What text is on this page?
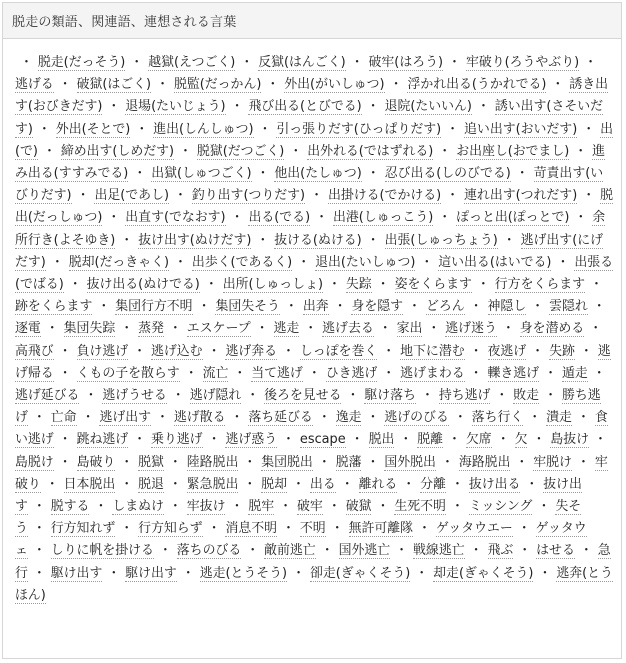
脱走の類語、関連語、連想される言葉
・ 脱走(だっそう) ・ 越獄(えつごく) ・ 反獄(はんごく) ・ 破牢(はろう) ・ 牢破り(ろうやぶり) ・逃げる ・ 破獄(はごく) ・ 脱監(だっかん) ・ 外出(がいしゅつ) ・ 浮かれ出る(うかれでる) ・ 誘き出す(おびきだす) ・ 退場(たいじょう) ・ 飛び出る(とびでる) ・ 退院(たいいん) ・ 誘い出す(さそいだす) ・ 外出(そとで) ・ 進出(しんしゅつ) ・ 引っ張りだす(ひっぱりだす) ・ 追い出す(おいだす) ・ 出(で) ・ 締め出す(しめだす) ・ 脱獄(だつごく) ・ 出外れる(ではずれる) ・ お出座し(おでまし) ・ 進み出る(すすみでる) ・ 出獄(しゅつごく) ・ 他出(たしゅつ) ・ 忍び出る(しのびでる) ・ 苛責出す(いびりだす) ・ 出足(であし) ・ 釣り出す(つりだす) ・ 出掛ける(でかける) ・ 連れ出す(つれだす) ・ 脱出(だっしゅつ) ・ 出直す(でなおす) ・ 出る(でる) ・ 出港(しゅっこう) ・ ぽっと出(ぽっとで) ・ 余所行き(よそゆき) ・ 抜け出す(ぬけだす) ・ 抜ける(ぬける) ・ 出張(しゅっちょう) ・ 逃げ出す(にげだす) ・ 脱却(だっきゃく) ・ 出歩く(であるく) ・ 退出(たいしゅつ) ・ 這い出る(はいでる) ・ 出張る(でばる) ・ 抜け出る(ぬけでる) ・ 出所(しゅっしょ) ・ 失踪 ・ 姿をくらます ・ 行方をくらます ・跡をくらます ・ 集団行方不明 ・ 集団失そう ・ 出奔 ・ 身を隠す ・ どろん ・ 神隠し ・ 雲隠れ ・逐電 ・ 集団失踪 ・ 蒸発 ・ エスケープ ・ 逃走 ・ 逃げ去る ・ 家出 ・ 逃げ迷う ・ 身を潜める ・高飛び ・ 負け逃げ ・ 逃げ込む ・ 逃げ奔る ・ しっぽを巻く ・ 地下に潜む ・ 夜逃げ ・ 失跡 ・ 逃げ帰る ・ くもの子を散らす ・ 流亡 ・ 当て逃げ ・ ひき逃げ ・ 逃げまわる ・ 轢き逃げ ・ 遁走 ・逃げ延びる ・ 逃げうせる ・ 逃げ隠れ ・ 後ろを見せる ・ 駆け落ち ・ 持ち逃げ ・ 敗走 ・ 勝ち逃げ ・ 亡命 ・ 逃げ出す ・ 逃げ散る ・ 落ち延びる ・ 逸走 ・ 逃げのびる ・ 落ち行く ・ 潰走 ・ 食い逃げ ・ 跳ね逃げ ・ 乗り逃げ ・ 逃げ惑う ・ escape ・ 脱出 ・ 脱離 ・ 欠席 ・ 欠 ・ 島抜け ・島脱け ・ 島破り ・ 脱獄 ・ 陸路脱出 ・ 集団脱出 ・ 脱藩 ・ 国外脱出 ・ 海路脱出 ・ 牢脱け ・ 牢破り ・ 日本脱出 ・ 脱退 ・ 緊急脱出 ・ 脱却 ・ 出る ・ 離れる ・ 分離 ・ 抜け出る ・ 抜け出す ・ 脱する ・ しまぬけ ・ 牢抜け ・ 脱牢 ・ 破牢 ・ 破獄 ・ 生死不明 ・ ミッシング ・ 失そう ・ 行方知れず ・ 行方知らず ・ 消息不明 ・ 不明 ・ 無許可離隊 ・ ゲッタウエー ・ ゲッタウェ ・ しりに帆を掛ける ・ 落ちのびる ・ 敵前逃亡 ・ 国外逃亡 ・ 戦線逃亡 ・ 飛ぶ ・ はせる ・ 急行 ・ 駆け出す ・ 駆け出す ・ 逃走(とうそう) ・ 卻走(ぎゃくそう) ・ 却走(ぎゃくそう) ・ 逃奔(とうほん)
